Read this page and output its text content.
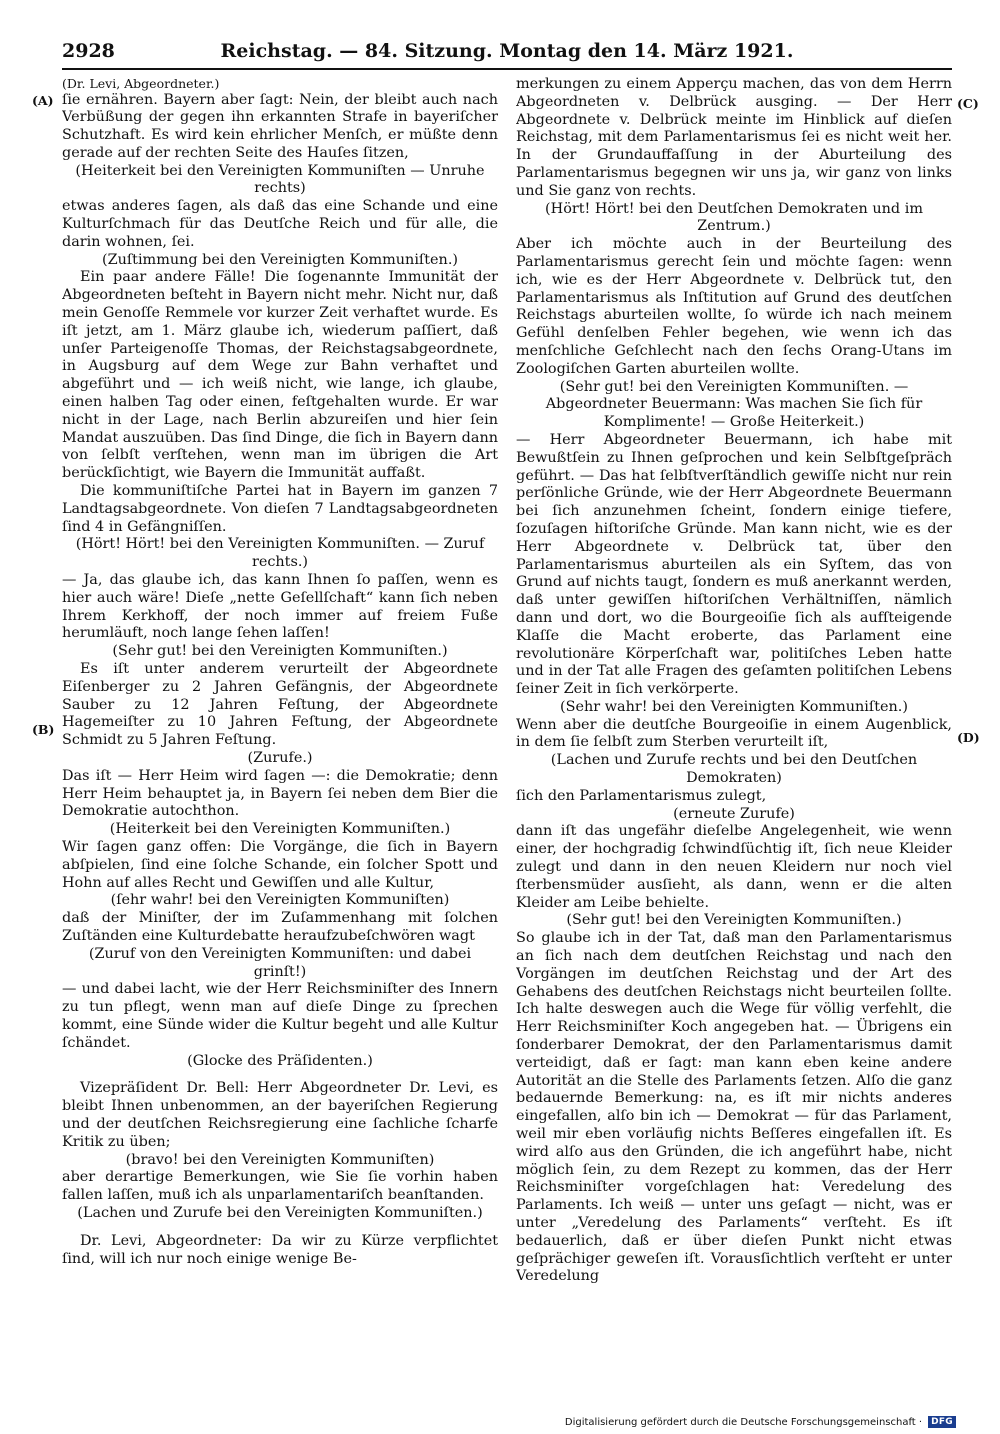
2928	Reichstag. — 84. Sitzung. Montag den 14. März 1921.
(A)
(B)
(C)
(D)

(Dr. Levi, Abgeordneter.)

ſie ernähren. Bayern aber ſagt: Nein, der bleibt auch nach Verbüßung der gegen ihn erkannten Strafe in bayeriſcher Schutzhaft. Es wird kein ehrlicher Menſch, er müßte denn gerade auf der rechten Seite des Hauſes ſitzen,

(Heiterkeit bei den Vereinigten Kommuniſten — Unruhe rechts)

etwas anderes ſagen, als daß das eine Schande und eine Kulturſchmach für das Deutſche Reich und für alle, die darin wohnen, ſei.

(Zuſtimmung bei den Vereinigten Kommuniſten.)

Ein paar andere Fälle! Die ſogenannte Immunität der Abgeordneten beſteht in Bayern nicht mehr. Nicht nur, daß mein Genoſſe Remmele vor kurzer Zeit verhaftet wurde. Es iſt jetzt, am 1. März glaube ich, wiederum paſſiert, daß unſer Parteigenoſſe Thomas, der Reichstagsabgeordnete, in Augsburg auf dem Wege zur Bahn verhaftet und abgeführt und — ich weiß nicht, wie lange, ich glaube, einen halben Tag oder einen, feſtgehalten wurde. Er war nicht in der Lage, nach Berlin abzureiſen und hier ſein Mandat auszuüben. Das ſind Dinge, die ſich in Bayern dann von ſelbſt verſtehen, wenn man im übrigen die Art berückſichtigt, wie Bayern die Immunität auffaßt.

Die kommuniſtiſche Partei hat in Bayern im ganzen 7 Landtagsabgeordnete. Von dieſen 7 Landtagsabgeordneten ſind 4 in Gefängniſſen.

(Hört! Hört! bei den Vereinigten Kommuniſten. — Zuruf rechts.)

— Ja, das glaube ich, das kann Ihnen ſo paſſen, wenn es hier auch wäre! Dieſe „nette Geſellſchaft“ kann ſich neben Ihrem Kerkhoff, der noch immer auf freiem Fuße herumläuft, noch lange ſehen laſſen!

(Sehr gut! bei den Vereinigten Kommuniſten.)

Es iſt unter anderem verurteilt der Abgeordnete Eiſenberger zu 2 Jahren Gefängnis, der Abgeordnete Sauber zu 12 Jahren Feſtung, der Abgeordnete Hagemeiſter zu 10 Jahren Feſtung, der Abgeordnete Schmidt zu 5 Jahren Feſtung.

(Zurufe.)

Das iſt — Herr Heim wird ſagen —: die Demokratie; denn Herr Heim behauptet ja, in Bayern ſei neben dem Bier die Demokratie autochthon.

(Heiterkeit bei den Vereinigten Kommuniſten.)

Wir ſagen ganz offen: Die Vorgänge, die ſich in Bayern abſpielen, ſind eine ſolche Schande, ein ſolcher Spott und Hohn auf alles Recht und Gewiſſen und alle Kultur,

(ſehr wahr! bei den Vereinigten Kommuniſten)

daß der Miniſter, der im Zuſammenhang mit ſolchen Zuſtänden eine Kulturdebatte heraufzubeſchwören wagt

(Zuruf von den Vereinigten Kommuniſten: und dabei grinſt!)

— und dabei lacht, wie der Herr Reichsminiſter des Innern zu tun pflegt, wenn man auf dieſe Dinge zu ſprechen kommt, eine Sünde wider die Kultur begeht und alle Kultur ſchändet.

(Glocke des Präſidenten.)

Vizepräſident Dr. Bell: Herr Abgeordneter Dr. Levi, es bleibt Ihnen unbenommen, an der bayeriſchen Regierung und der deutſchen Reichsregierung eine ſachliche ſcharfe Kritik zu üben;

(bravo! bei den Vereinigten Kommuniſten)

aber derartige Bemerkungen, wie Sie ſie vorhin haben fallen laſſen, muß ich als unparlamentariſch beanſtanden.

(Lachen und Zurufe bei den Vereinigten Kommuniſten.)

Dr. Levi, Abgeordneter: Da wir zu Kürze verpflichtet ſind, will ich nur noch einige wenige Be-

merkungen zu einem Apperçu machen, das von dem Herrn Abgeordneten v. Delbrück ausging. — Der Herr Abgeordnete v. Delbrück meinte im Hinblick auf dieſen Reichstag, mit dem Parlamentarismus ſei es nicht weit her. In der Grundauffaſſung in der Aburteilung des Parlamentarismus begegnen wir uns ja, wir ganz von links und Sie ganz von rechts.

(Hört! Hört! bei den Deutſchen Demokraten und im Zentrum.)

Aber ich möchte auch in der Beurteilung des Parlamentarismus gerecht ſein und möchte ſagen: wenn ich, wie es der Herr Abgeordnete v. Delbrück tut, den Parlamentarismus als Inſtitution auf Grund des deutſchen Reichstags aburteilen wollte, ſo würde ich nach meinem Gefühl denſelben Fehler begehen, wie wenn ich das menſchliche Geſchlecht nach den ſechs Orang-Utans im Zoologiſchen Garten aburteilen wollte.

(Sehr gut! bei den Vereinigten Kommuniſten. — Abgeordneter Beuermann: Was machen Sie ſich für Komplimente! — Große Heiterkeit.)

— Herr Abgeordneter Beuermann, ich habe mit Bewußtſein zu Ihnen geſprochen und kein Selbſtgeſpräch geführt. — Das hat ſelbſtverſtändlich gewiſſe nicht nur rein perſönliche Gründe, wie der Herr Abgeordnete Beuermann bei ſich anzunehmen ſcheint, ſondern einige tiefere, ſozuſagen hiſtoriſche Gründe. Man kann nicht, wie es der Herr Abgeordnete v. Delbrück tat, über den Parlamentarismus aburteilen als ein Syſtem, das von Grund auf nichts taugt, ſondern es muß anerkannt werden, daß unter gewiſſen hiſtoriſchen Verhältniſſen, nämlich dann und dort, wo die Bourgeoiſie ſich als aufſteigende Klaſſe die Macht eroberte, das Parlament eine revolutionäre Körperſchaft war, politiſches Leben hatte und in der Tat alle Fragen des geſamten politiſchen Lebens ſeiner Zeit in ſich verkörperte.

(Sehr wahr! bei den Vereinigten Kommuniſten.)

Wenn aber die deutſche Bourgeoiſie in einem Augenblick, in dem ſie ſelbſt zum Sterben verurteilt iſt,

(Lachen und Zurufe rechts und bei den Deutſchen Demokraten)

ſich den Parlamentarismus zulegt,

(erneute Zurufe)

dann iſt das ungefähr dieſelbe Angelegenheit, wie wenn einer, der hochgradig ſchwindſüchtig iſt, ſich neue Kleider zulegt und dann in den neuen Kleidern nur noch viel ſterbensmüder ausſieht, als dann, wenn er die alten Kleider am Leibe behielte.

(Sehr gut! bei den Vereinigten Kommuniſten.)

So glaube ich in der Tat, daß man den Parlamentarismus an ſich nach dem deutſchen Reichstag und nach den Vorgängen im deutſchen Reichstag und der Art des Gehabens des deutſchen Reichstags nicht beurteilen ſollte. Ich halte deswegen auch die Wege für völlig verfehlt, die Herr Reichsminiſter Koch angegeben hat. — Übrigens ein ſonderbarer Demokrat, der den Parlamentarismus damit verteidigt, daß er ſagt: man kann eben keine andere Autorität an die Stelle des Parlaments ſetzen. Alſo die ganz bedauernde Bemerkung: na, es iſt mir nichts anderes eingefallen, alſo bin ich — Demokrat — für das Parlament, weil mir eben vorläufig nichts Beſſeres eingefallen iſt. Es wird alſo aus den Gründen, die ich angeführt habe, nicht möglich ſein, zu dem Rezept zu kommen, das der Herr Reichsminiſter vorgeſchlagen hat: Veredelung des Parlaments. Ich weiß — unter uns geſagt — nicht, was er unter „Veredelung des Parlaments“ verſteht. Es iſt bedauerlich, daß er über dieſen Punkt nicht etwas geſprächiger geweſen iſt. Vorausſichtlich verſteht er unter Veredelung

Digitalisierung gefördert durch die Deutsche Forschungsgemeinschaft ·	DFG
